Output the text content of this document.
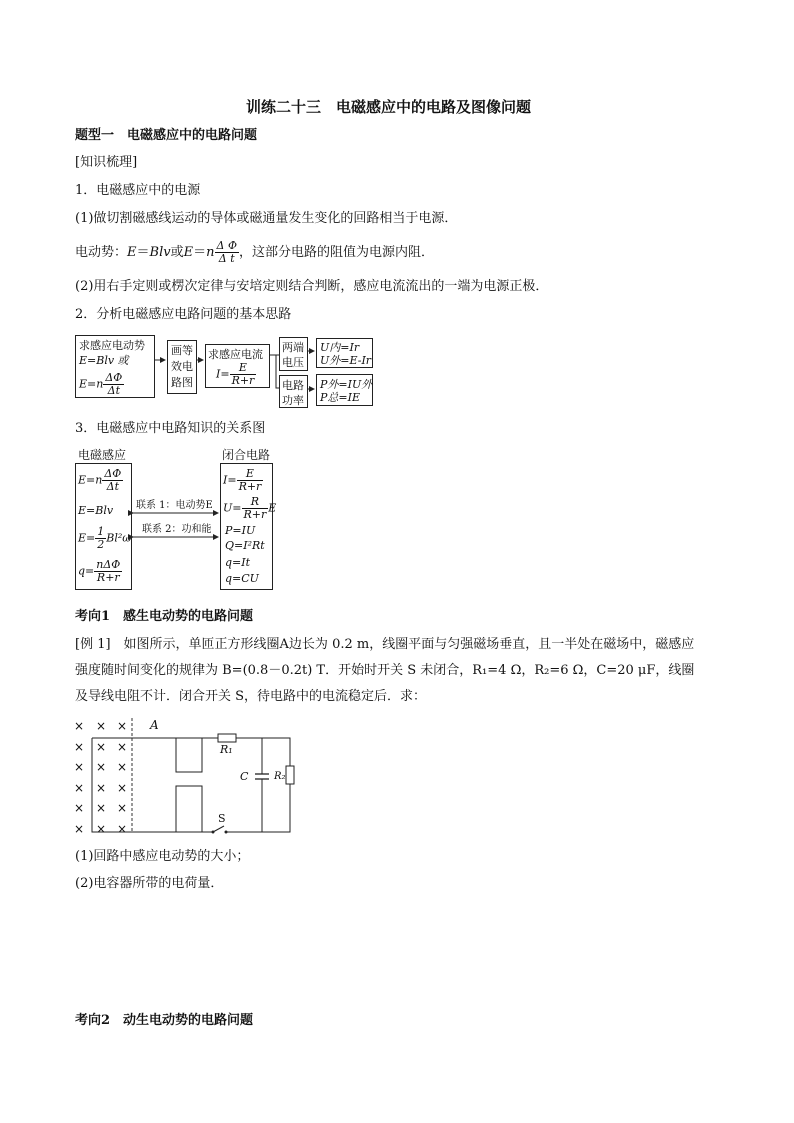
训练二十三　电磁感应中的电路及图像问题
题型一　电磁感应中的电路问题
[知识梳理]
1．电磁感应中的电源
(1)做切割磁感线运动的导体或磁通量发生变化的回路相当于电源．
电动势：E＝Blv或$E=n \frac{\text{Δ Φ}}{\text{Δ t}}$ ，这部分电路的阻值为电源内阻．
(2)用右手定则或楞次定律与安培定则结合判断，感应电流流出的一端为电源正极．
2．分析电磁感应电路问题的基本思路
求感应电动势
E=Blv 或
$E=n \frac{\Delta\Phi}{\Delta t}$
画等
效电
路图
求感应电流
$I= \frac{E}{R+r}$
两端
电压
U内=Ir
U外=E-Ir
电路
功率
P外=IU外
P总=IE
3．电磁感应中电路知识的关系图
电磁感应	闭合电路
$E=n \frac{\Delta\Phi}{\Delta t}$
E=Blv
$E= \frac{1}{2} Bl^2\omega$
$q= \frac{\text{nΔΦ}}{R+r}$
联系 1：电动势E
联系 2：功和能
$I= \frac{E}{R+r}$
$U= \frac{R}{R+r}$ E
P=IU
Q=I²Rt
q=It
q=CU
考向1　感生电动势的电路问题
[例 1]　如图所示，单匝正方形线圈A边长为 0.2 m，线圈平面与匀强磁场垂直，且一半处在磁场中，磁感应
强度随时间变化的规律为 B=(0.8－0.2t) T．开始时开关 S 未闭合，R₁=4 Ω，R₂=6 Ω，C=20 μF，线圈
及导线电阻不计．闭合开关 S，待电路中的电流稳定后．求：
× × ×
× × ×
× × ×
× × ×
× × ×
× × ×
A
R₁
C	R₂
S
(1)回路中感应电动势的大小；
(2)电容器所带的电荷量．
考向2　动生电动势的电路问题
